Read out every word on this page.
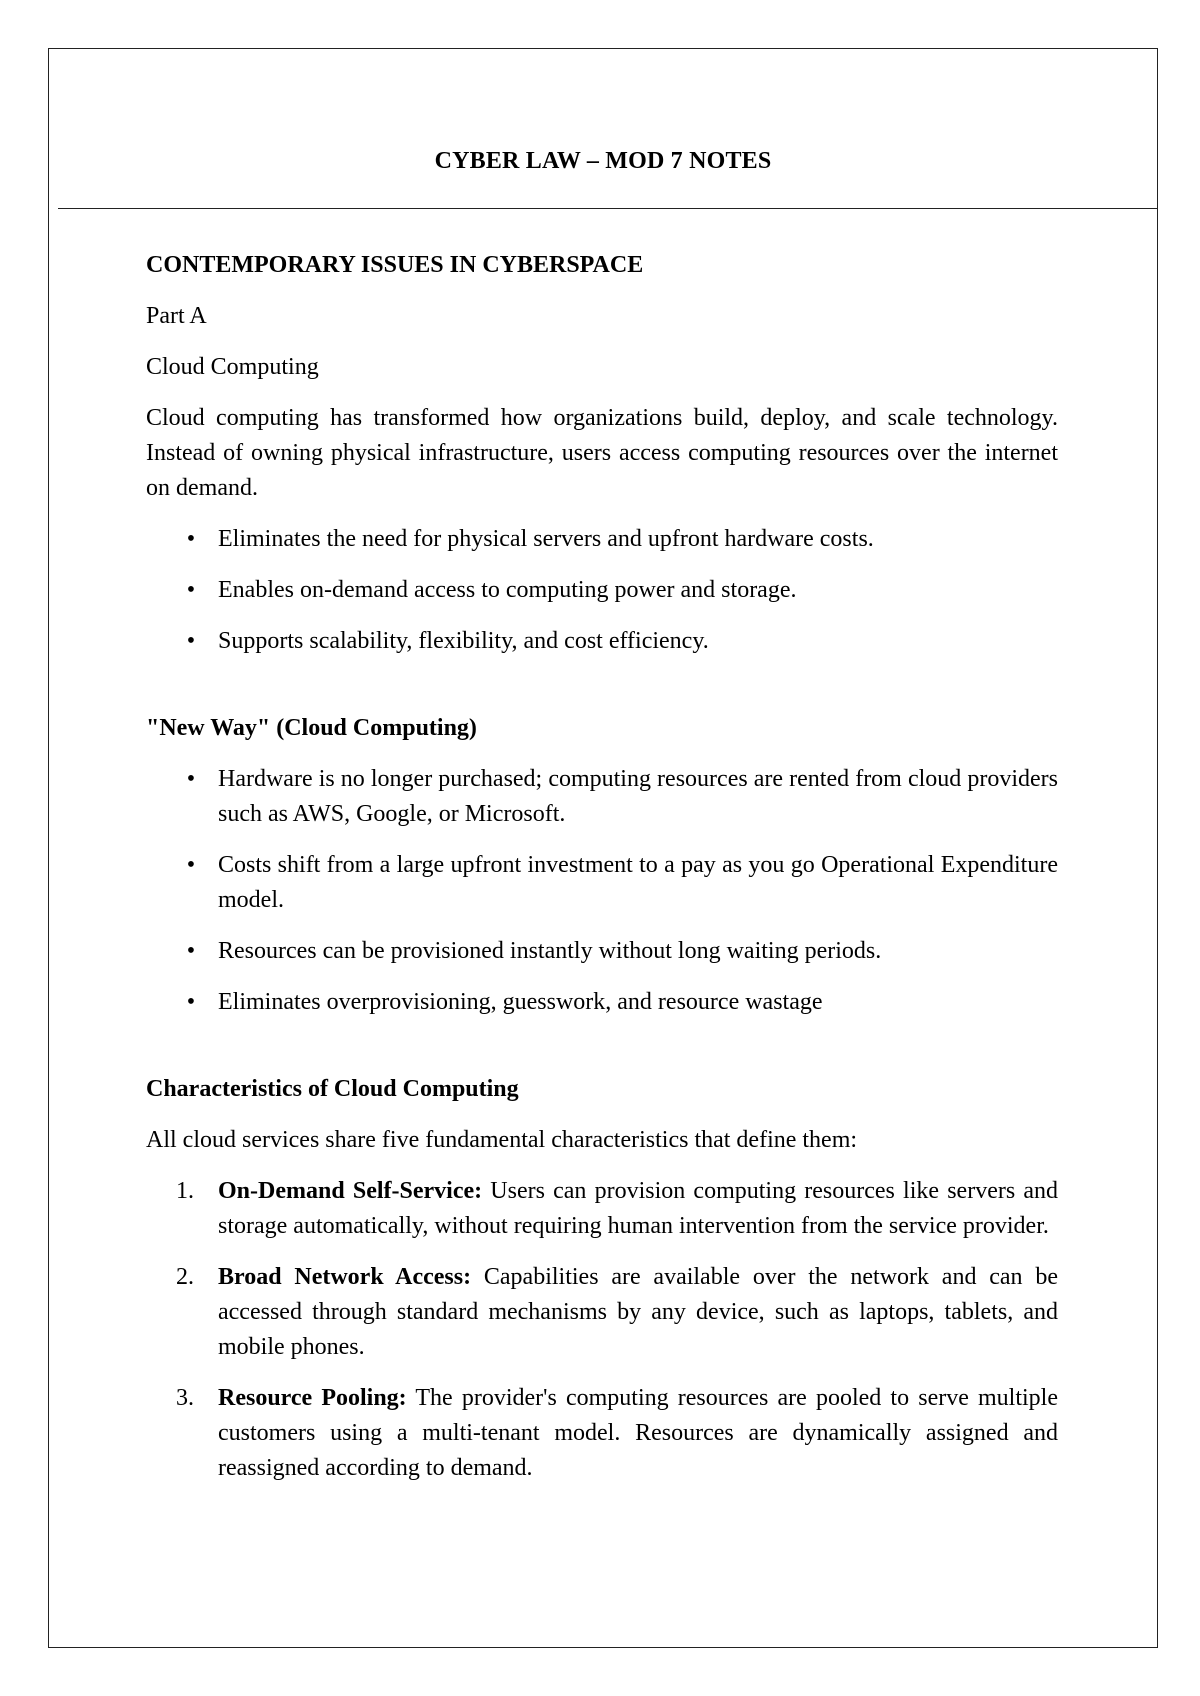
CYBER LAW – MOD 7 NOTES

CONTEMPORARY ISSUES IN CYBERSPACE

Part A

Cloud Computing

Cloud computing has transformed how organizations build, deploy, and scale technology. Instead of owning physical infrastructure, users access computing resources over the internet on demand.

• Eliminates the need for physical servers and upfront hardware costs.
• Enables on-demand access to computing power and storage.
• Supports scalability, flexibility, and cost efficiency.

"New Way" (Cloud Computing)

• Hardware is no longer purchased; computing resources are rented from cloud providers such as AWS, Google, or Microsoft.
• Costs shift from a large upfront investment to a pay as you go Operational Expenditure model.
• Resources can be provisioned instantly without long waiting periods.
• Eliminates overprovisioning, guesswork, and resource wastage

Characteristics of Cloud Computing

All cloud services share five fundamental characteristics that define them:

1.	On-Demand Self-Service: Users can provision computing resources like servers and storage automatically, without requiring human intervention from the service provider.
2.	Broad Network Access: Capabilities are available over the network and can be accessed through standard mechanisms by any device, such as laptops, tablets, and mobile phones.
3.	Resource Pooling: The provider's computing resources are pooled to serve multiple customers using a multi-tenant model. Resources are dynamically assigned and reassigned according to demand.
